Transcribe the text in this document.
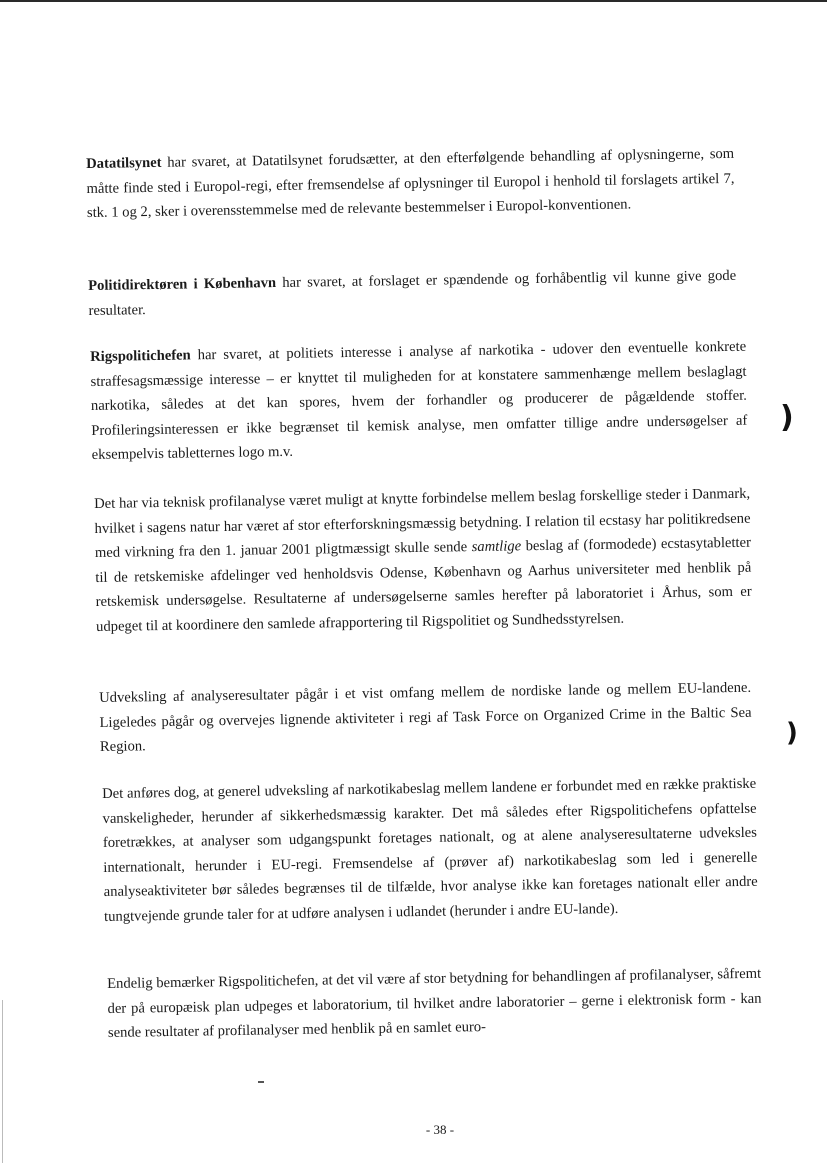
Datatilsynet har svaret, at Datatilsynet forudsætter, at den efterfølgende behandling af oplysningerne, som måtte finde sted i Europol-regi, efter fremsendelse af oplysninger til Europol i henhold til forslagets artikel 7, stk. 1 og 2, sker i overensstemmelse med de relevante bestemmelser i Europol-konventionen.

Politidirektøren i København har svaret, at forslaget er spændende og forhåbentlig vil kunne give gode resultater.

Rigspolitichefen har svaret, at politiets interesse i analyse af narkotika - udover den eventuelle konkrete straffesagsmæssige interesse – er knyttet til muligheden for at konstatere sammenhænge mellem beslaglagt narkotika, således at det kan spores, hvem der forhandler og producerer de pågældende stoffer. Profileringsinteressen er ikke begrænset til kemisk analyse, men omfatter tillige andre undersøgelser af eksempelvis tabletternes logo m.v.

Det har via teknisk profilanalyse været muligt at knytte forbindelse mellem beslag forskellige steder i Danmark, hvilket i sagens natur har været af stor efterforskningsmæssig betydning. I relation til ecstasy har politikredsene med virkning fra den 1. januar 2001 pligtmæssigt skulle sende samtlige beslag af (formodede) ecstasytabletter til de retskemiske afdelinger ved henholdsvis Odense, København og Aarhus universiteter med henblik på retskemisk undersøgelse. Resultaterne af undersøgelserne samles herefter på laboratoriet i Århus, som er udpeget til at koordinere den samlede afrapportering til Rigspolitiet og Sundhedsstyrelsen.

Udveksling af analyseresultater pågår i et vist omfang mellem de nordiske lande og mellem EU-landene. Ligeledes pågår og overvejes lignende aktiviteter i regi af Task Force on Organized Crime in the Baltic Sea Region.

Det anføres dog, at generel udveksling af narkotikabeslag mellem landene er forbundet med en række praktiske vanskeligheder, herunder af sikkerhedsmæssig karakter. Det må således efter Rigspolitichefens opfattelse foretrækkes, at analyser som udgangspunkt foretages nationalt, og at alene analyseresultaterne udveksles internationalt, herunder i EU-regi. Fremsendelse af (prøver af) narkotikabeslag som led i generelle analyseaktiviteter bør således begrænses til de tilfælde, hvor analyse ikke kan foretages nationalt eller andre tungtvejende grunde taler for at udføre analysen i udlandet (herunder i andre EU-lande).

Endelig bemærker Rigspolitichefen, at det vil være af stor betydning for behandlingen af profilanalyser, såfremt der på europæisk plan udpeges et laboratorium, til hvilket andre laboratorier – gerne i elektronisk form - kan sende resultater af profilanalyser med henblik på en samlet euro-

)
)
- 38 -
